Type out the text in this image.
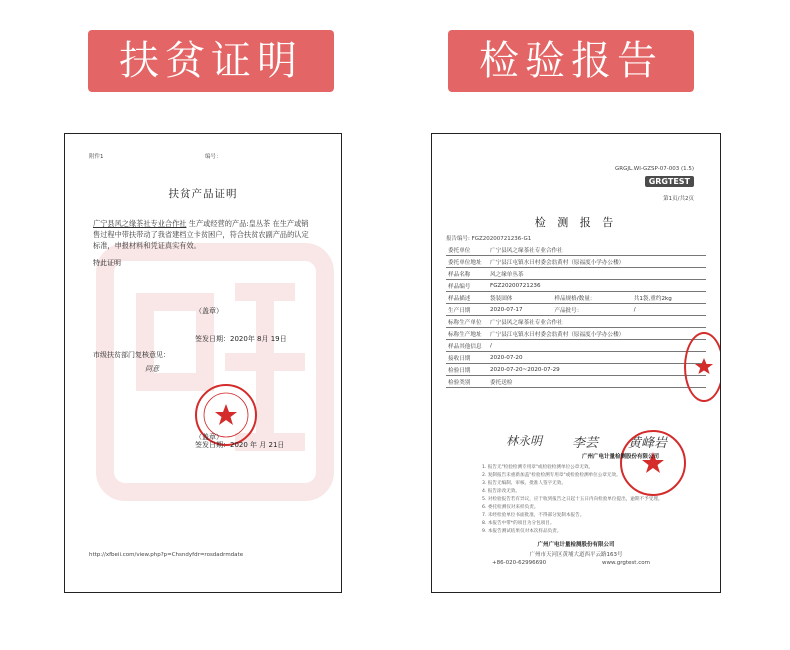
扶贫证明	检验报告
附件1	编号：
扶贫产品证明
广宁县风之缘茶社专业合作社 生产或经营的产品:皇丛茶 在生产或销售过程中带扶带动了我省建档立卡贫困户，符合扶贫农副产品的认定标准，申报材料和凭证真实有效。
特此证明
（盖章）
签发日期：2020年 8月 19日
市级扶贫部门复核意见：
同意
（盖章）
签发日期：2020 年 月 21日
http://xfbeii.com/view.php?p=Chsndyfdr=rosdadrmdate
GRGJL.WI-GZSP-07-003 (1.5)
GRGTEST
第1页/共2页
检 测 报 告
报告编号: FGZ20200721236-G1
委托单位	广宁县风之缘茶社专业合作社		
委托单位地址	广宁县江屯镇水曰村委会翁黄村（原福度小学办公楼）		
样品名称	风之缘单丛茶		
样品编号	FGZ20200721236		
样品描述	袋装固体	样品规格/数量：	共1袋,重约2kg
生产日期	2020-07-17	产品批号：	/
标称生产单位	广宁县风之缘茶社专业合作社		
标称生产地址	广宁县江屯镇水曰村委会翁黄村（原福度小学办公楼）		
样品其他信息	/		
接收日期	2020-07-20		
检验日期	2020-07-20~2020-07-29		
检验类别	委托送检		
林永明 李芸 黄峰岩
广州广电计量检测股份有限公司
1. 报告无"检验检测专用章"或检验检测单位公章无效。
2. 复制报告未重新加盖"检验检测专用章"或检验检测单位公章无效。
3. 报告无编制、审核、批准人签字无效。
4. 报告涂改无效。
5. 对检验报告若有异议，应于收到报告之日起十五日内向检验单位提出，逾期不予受理。
6. 委托检测仅对来样负责。
7. 未经检验单位书面批准，不得部分复制本报告。
8. 本报告中带*的项目为分包项目。
9. 本报告测试结果仅对本次样品负责。
广州广电计量检测股份有限公司
广州市天河区黄埔大道西平云路163号
+86-020-62996690	www.grgtest.com
